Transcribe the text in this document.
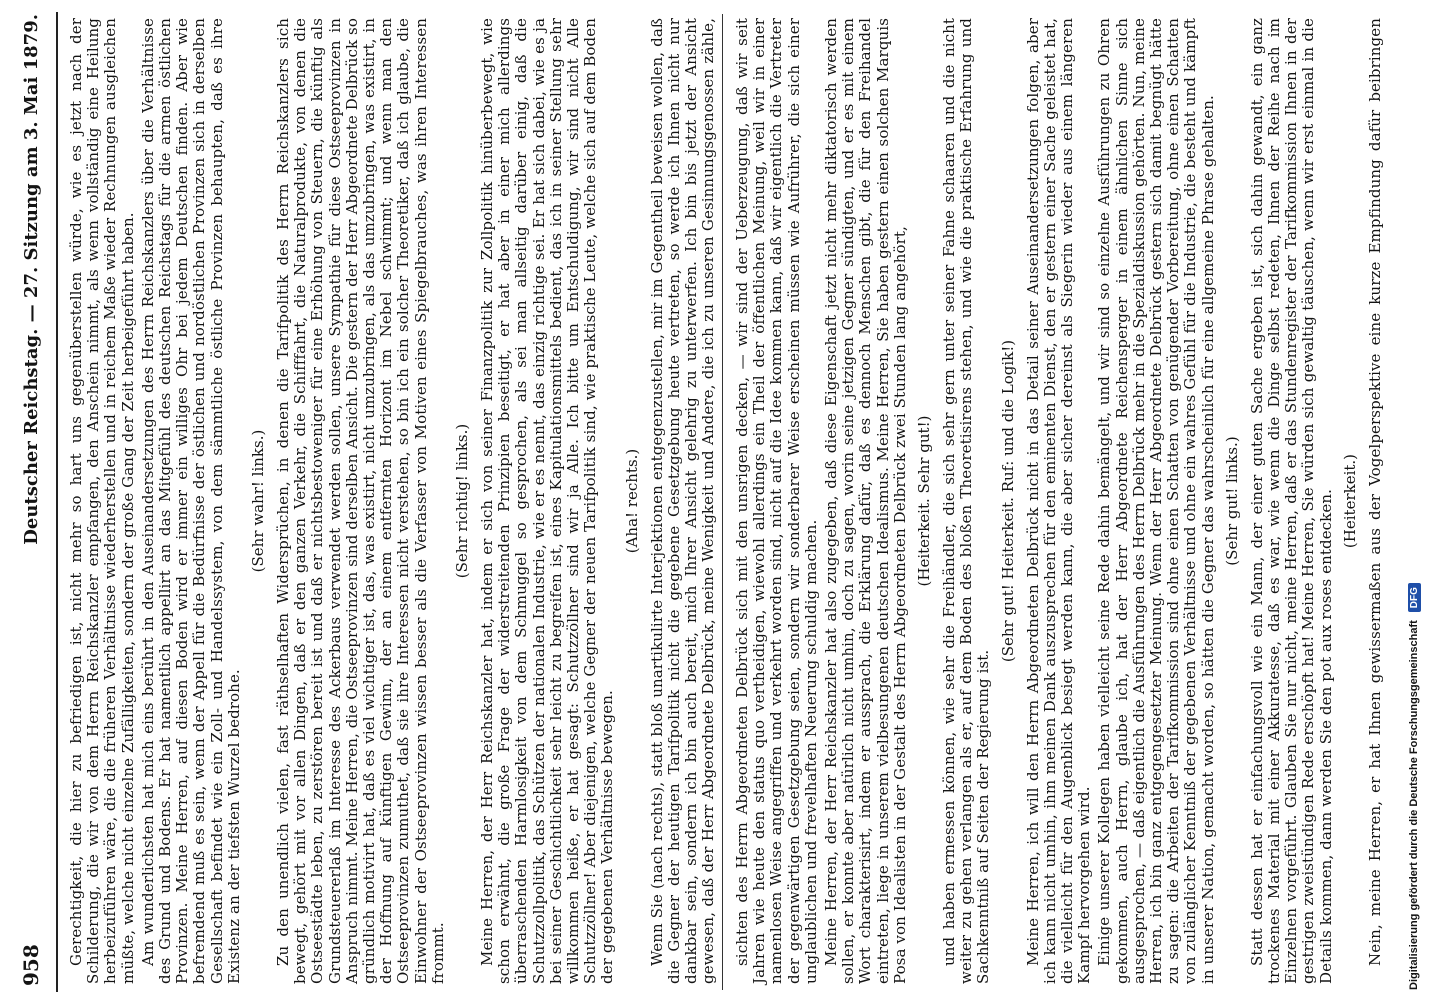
958
Deutscher Reichstag. — 27. Sitzung am 3. Mai 1879. Gerechtigkeit, die hier zu befriedigen ist, nicht mehr so hart uns gegenüberstellen würde, wie es jetzt nach der Schilderung, die wir von dem Herrn Reichskanzler empfangen, den Anschein nimmt, als wenn vollständig eine Heilung herbeizuführen wäre, die die früheren Verhältnisse wiederherstellen und in reichem Maße wieder Rechnungen ausgleichen müßte, welche nicht einzelne Zufälligkeiten, sondern der große Gang der Zeit herbeigeführt haben. Am wunderlichsten hat mich eins berührt in den Auseinandersetzungen des Herrn Reichskanzlers über die Verhältnisse des Grund und Bodens. Er hat namentlich appellirt an das Mitgefühl des deutschen Reichstags für die armen östlichen Provinzen. Meine Herren, auf diesen Boden wird er immer ein williges Ohr bei jedem Deutschen finden. Aber wie befremdend muß es sein, wenn der Appell für die Bedürfnisse der östlichen und nordöstlichen Provinzen sich in derselben Gesellschaft befindet wie ein Zoll- und Handelssystem, von dem sämmtliche östliche Provinzen behaupten, daß es ihre Existenz an der tiefsten Wurzel bedrohe.

(Sehr wahr! links.) Zu den unendlich vielen, fast räthselhaften Widersprüchen, in denen die Tarifpolitik des Herrn Reichskanzlers sich bewegt, gehört mit vor allen Dingen, daß er den ganzen Verkehr, die Schifffahrt, die Naturalprodukte, von denen die Ostseestädte leben, zu zerstören bereit ist und daß er nichtsbestoweniger für eine Erhöhung von Steuern, die künftig als Grundsteuererlaß im Interesse des Ackerbaus verwendet werden sollen, unsere Sympathie für diese Ostseeprovinzen in Anspruch nimmt. Meine Herren, die Ostseeprovinzen sind derselben Ansicht. Die gestern der Herr Abgeordnete Delbrück so gründlich motivirt hat, daß es viel wichtiger ist, das, was existirt, nicht umzubringen, als das umzubringen, was existirt, in der Hoffnung auf künftigen Gewinn, der an einem entfernten Horizont im Nebel schwimmt; und wenn man den Ostseeprovinzen zumuthet, daß sie ihre Interessen nicht verstehen, so bin ich ein solcher Theoretiker, daß ich glaube, die Einwohner der Ostseeprovinzen wissen besser als die Verfasser von Motiven eines Spiegelbrauches, was ihren Interessen frommt.

(Sehr richtig! links.) Meine Herren, der Herr Reichskanzler hat, indem er sich von seiner Finanzpolitik zur Zollpolitik hinüberbewegt, wie schon erwähnt, die große Frage der widerstreitenden Prinzipien beseitigt, er hat aber in einer mich allerdings überraschenden Harmlosigkeit von dem Schmuggel so gesprochen, als sei man allseitig darüber einig, daß die Schutzzollpolitik, das Schützen der nationalen Industrie, wie er es nennt, das einzig richtige sei. Er hat sich dabei, wie es ja bei seiner Geschichtlichkeit sehr leicht zu begreifen ist, eines Kapitulationsmittels bedient, das ich in seiner Stellung sehr willkommen heiße, er hat gesagt: Schutzzöllner sind wir ja Alle. Ich bitte um Entschuldigung, wir sind nicht Alle Schutzzöllner! Aber diejenigen, welche Gegner der neuen Tarifpolitik sind, wie praktische Leute, welche sich auf dem Boden der gegebenen Verhältnisse bewegen.

(Aha! rechts.)

Wenn Sie (nach rechts), statt bloß unartikulirte Interjektionen entgegenzustellen, mir im Gegentheil beweisen wollen, daß die Gegner der heutigen Tarifpolitik nicht die gegebene Gesetzgebung heute vertreten, so werde ich Ihnen nicht nur dankbar sein, sondern ich bin auch bereit, mich Ihrer Ansicht gelehrig zu unterwerfen. Ich bin bis jetzt der Ansicht gewesen, daß der Herr Abgeordnete Delbrück, meine Wenigkeit und Andere, die ich zu unseren Gesinnungsgenossen zähle,	sichten des Herrn Abgeordneten Delbrück sich mit den unsrigen decken, — wir sind der Ueberzeugung, daß wir seit Jahren wie heute den status quo vertheidigen, wiewohl allerdings ein Theil der öffentlichen Meinung, weil wir in einer namenlosen Weise angegriffen und verkehrt worden sind, nicht auf die Idee kommen kann, daß wir eigentlich die Vertreter der gegenwärtigen Gesetzgebung seien, sondern wir sonderbarer Weise erscheinen müssen wie Aufrührer, die sich einer unglaublichen und frevelhaften Neuerung schuldig machen. Meine Herren, der Herr Reichskanzler hat also zugegeben, daß diese Eigenschaft jetzt nicht mehr diktatorisch werden sollen, er konnte aber natürlich nicht umhin, doch zu sagen, worin seine jetzigen Gegner sündigten, und er es mit einem Wort charakterisirt, indem er aussprach, die Erklärung dafür, daß es dennoch Menschen gibt, die für den Freihandel eintreten, liege in unserem vielbesungenen deutschen Idealismus. Meine Herren, Sie haben gestern einen solchen Marquis Posa von Idealisten in der Gestalt des Herrn Abgeordneten Delbrück zwei Stunden lang angehört, (Heiterkeit. Sehr gut!) und haben ermessen können, wie sehr die Freihändler, die sich sehr gern unter seiner Fahne schaaren und die nicht weiter zu gehen verlangen als er, auf dem Boden des bloßen Theoretisirens stehen, und wie die praktische Erfahrung und Sachkenntniß auf Seiten der Regierung ist.

(Sehr gut! Heiterkeit. Ruf: und die Logik!) Meine Herren, ich will den Herrn Abgeordneten Delbrück nicht in das Detail seiner Auseinandersetzungen folgen, aber ich kann nicht umhin, ihm meinen Dank auszusprechen für den eminenten Dienst, den er gestern einer Sache geleistet hat, die vielleicht für den Augenblick besiegt werden kann, die aber sicher dereinst als Siegerin wieder aus einem längeren Kampf hervorgehen wird. Einige unserer Kollegen haben vielleicht seine Rede dahin bemängelt, und wir sind so einzelne Ausführungen zu Ohren gekommen, auch Herrn, glaube ich, hat der Herr Abgeordnete Reichensperger in einem ähnlichen Sinne sich ausgesprochen, — daß eigentlich die Ausführungen des Herrn Delbrück mehr in die Spezialdiskussion gehörten. Nun, meine Herren, ich bin ganz entgegengesetzter Meinung. Wenn der Herr Abgeordnete Delbrück gestern sich damit begnügt hätte zu sagen: die Arbeiten der Tarifkommission sind ohne einen Schatten von genügender Vorbereitung, ohne einen Schatten von zulänglicher Kenntniß der gegebenen Verhältnisse und ohne ein wahres Gefühl für die Industrie, die besteht und kämpft in unserer Nation, gemacht worden, so hätten die Gegner das wahrscheinlich für eine allgemeine Phrase gehalten. (Sehr gut! links.) Statt dessen hat er einfachungsvoll wie ein Mann, der einer guten Sache ergeben ist, sich dahin gewandt, ein ganz trockenes Material mit einer Akkuratesse, daß es war, wie wenn die Dinge selbst redeten, Ihnen der Reihe nach im Einzelnen vorgeführt. Glauben Sie nur nicht, meine Herren, daß er das Stundenregister der Tarifkommission Ihnen in der gestrigen zweistündigen Rede erschöpft hat! Meine Herren, Sie würden sich gewaltig täuschen, wenn wir erst einmal in die Details kommen, dann werden Sie den pot aux roses entdecken. (Heiterkeit.)

Nein, meine Herren, er hat Ihnen gewissermaßen aus der Vogelperspektive eine kurze Empfindung dafür beibringen

Digitalisierung gefördert durch die Deutsche Forschungsgemeinschaft
DFG
